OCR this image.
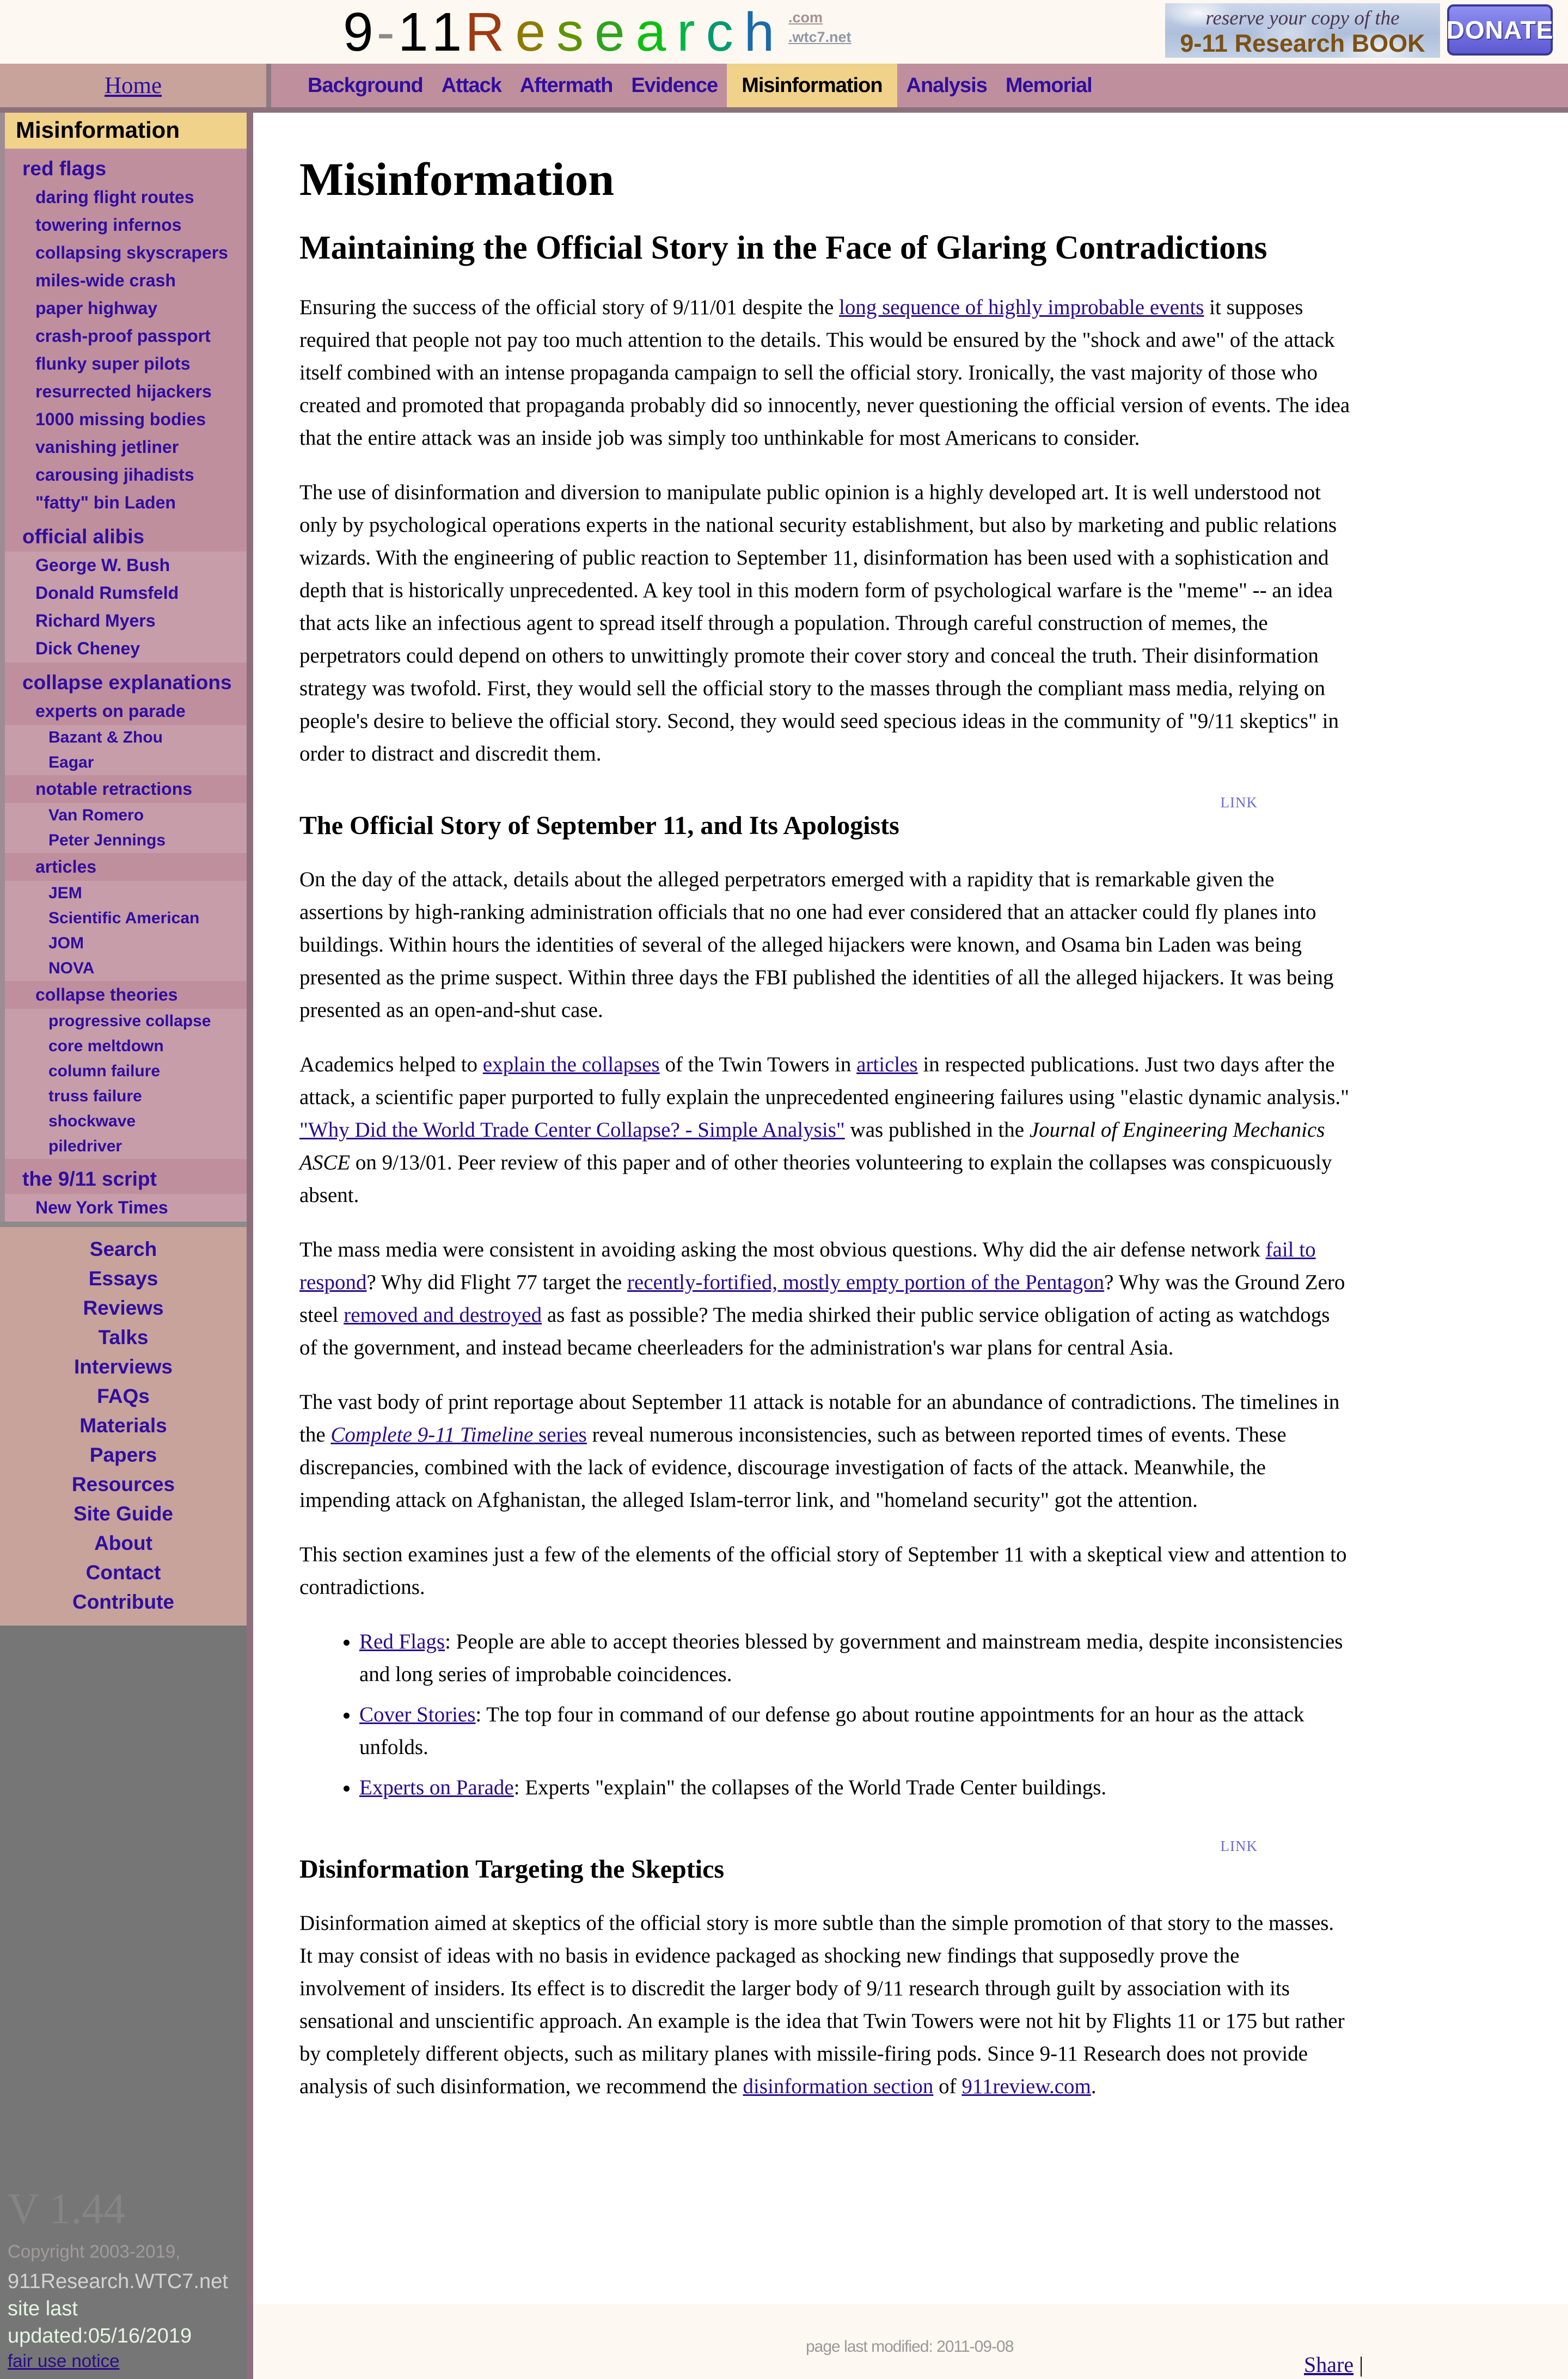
9-11R e s e a r c h .com
.wtc7.net
reserve your copy of the
9-11 Research BOOK DONATE
Home	Background Attack Aftermath Evidence	Misinformation	Analysis Memorial
Misinformation
red flags
daring flight routes
towering infernos
collapsing skyscrapers
miles-wide crash
paper highway
crash-proof passport
flunky super pilots
resurrected hijackers
1000 missing bodies
vanishing jetliner
carousing jihadists
"fatty" bin Laden
official alibis
George W. Bush
Donald Rumsfeld
Richard Myers
Dick Cheney
collapse explanations
experts on parade
Bazant & Zhou
Eagar
notable retractions
Van Romero
Peter Jennings
articles
JEM
Scientific American
JOM
NOVA
collapse theories
progressive collapse
core meltdown
column failure
truss failure
shockwave
piledriver
the 9/11 script
New York Times
Search
Essays
Reviews
Talks
Interviews
FAQs
Materials
Papers
Resources
Site Guide
About
Contact
Contribute
V 1.44
Copyright 2003-2019,
911Research.WTC7.net site last updated:05/16/2019
fair use notice
Misinformation
Maintaining the Official Story in the Face of Glaring Contradictions

Ensuring the success of the official story of 9/11/01 despite the long sequence of highly improbable events it supposes required that people not pay too much attention to the details. This would be ensured by the "shock and awe" of the attack itself combined with an intense propaganda campaign to sell the official story. Ironically, the vast majority of those who created and promoted that propaganda probably did so innocently, never questioning the official version of events. The idea that the entire attack was an inside job was simply too unthinkable for most Americans to consider.

The use of disinformation and diversion to manipulate public opinion is a highly developed art. It is well understood not only by psychological operations experts in the national security establishment, but also by marketing and public relations wizards. With the engineering of public reaction to September 11, disinformation has been used with a sophistication and depth that is historically unprecedented. A key tool in this modern form of psychological warfare is the "meme" -- an idea that acts like an infectious agent to spread itself through a population. Through careful construction of memes, the perpetrators could depend on others to unwittingly promote their cover story and conceal the truth. Their disinformation strategy was twofold. First, they would sell the official story to the masses through the compliant mass media, relying on people's desire to believe the official story. Second, they would seed specious ideas in the community of "9/11 skeptics" in order to distract and discredit them.

LINK
The Official Story of September 11, and Its Apologists

On the day of the attack, details about the alleged perpetrators emerged with a rapidity that is remarkable given the assertions by high-ranking administration officials that no one had ever considered that an attacker could fly planes into buildings. Within hours the identities of several of the alleged hijackers were known, and Osama bin Laden was being presented as the prime suspect. Within three days the FBI published the identities of all the alleged hijackers. It was being presented as an open-and-shut case.

Academics helped to explain the collapses of the Twin Towers in articles in respected publications. Just two days after the attack, a scientific paper purported to fully explain the unprecedented engineering failures using "elastic dynamic analysis." "Why Did the World Trade Center Collapse? - Simple Analysis" was published in the Journal of Engineering Mechanics ASCE on 9/13/01. Peer review of this paper and of other theories volunteering to explain the collapses was conspicuously absent.

The mass media were consistent in avoiding asking the most obvious questions. Why did the air defense network fail to respond? Why did Flight 77 target the recently-fortified, mostly empty portion of the Pentagon? Why was the Ground Zero steel removed and destroyed as fast as possible? The media shirked their public service obligation of acting as watchdogs of the government, and instead became cheerleaders for the administration's war plans for central Asia.

The vast body of print reportage about September 11 attack is notable for an abundance of contradictions. The timelines in the Complete 9-11 Timeline series reveal numerous inconsistencies, such as between reported times of events. These discrepancies, combined with the lack of evidence, discourage investigation of facts of the attack. Meanwhile, the impending attack on Afghanistan, the alleged Islam-terror link, and "homeland security" got the attention.

This section examines just a few of the elements of the official story of September 11 with a skeptical view and attention to contradictions.

• Red Flags: People are able to accept theories blessed by government and mainstream media, despite inconsistencies and long series of improbable coincidences.
• Cover Stories: The top four in command of our defense go about routine appointments for an hour as the attack unfolds.
• Experts on Parade: Experts "explain" the collapses of the World Trade Center buildings.
LINK
Disinformation Targeting the Skeptics

Disinformation aimed at skeptics of the official story is more subtle than the simple promotion of that story to the masses. It may consist of ideas with no basis in evidence packaged as shocking new findings that supposedly prove the involvement of insiders. Its effect is to discredit the larger body of 9/11 research through guilt by association with its sensational and unscientific approach. An example is the idea that Twin Towers were not hit by Flights 11 or 175 but rather by completely different objects, such as military planes with missile-firing pods. Since 9-11 Research does not provide analysis of such disinformation, we recommend the disinformation section of 911review.com.

page last modified: 2011-09-08
Share |
